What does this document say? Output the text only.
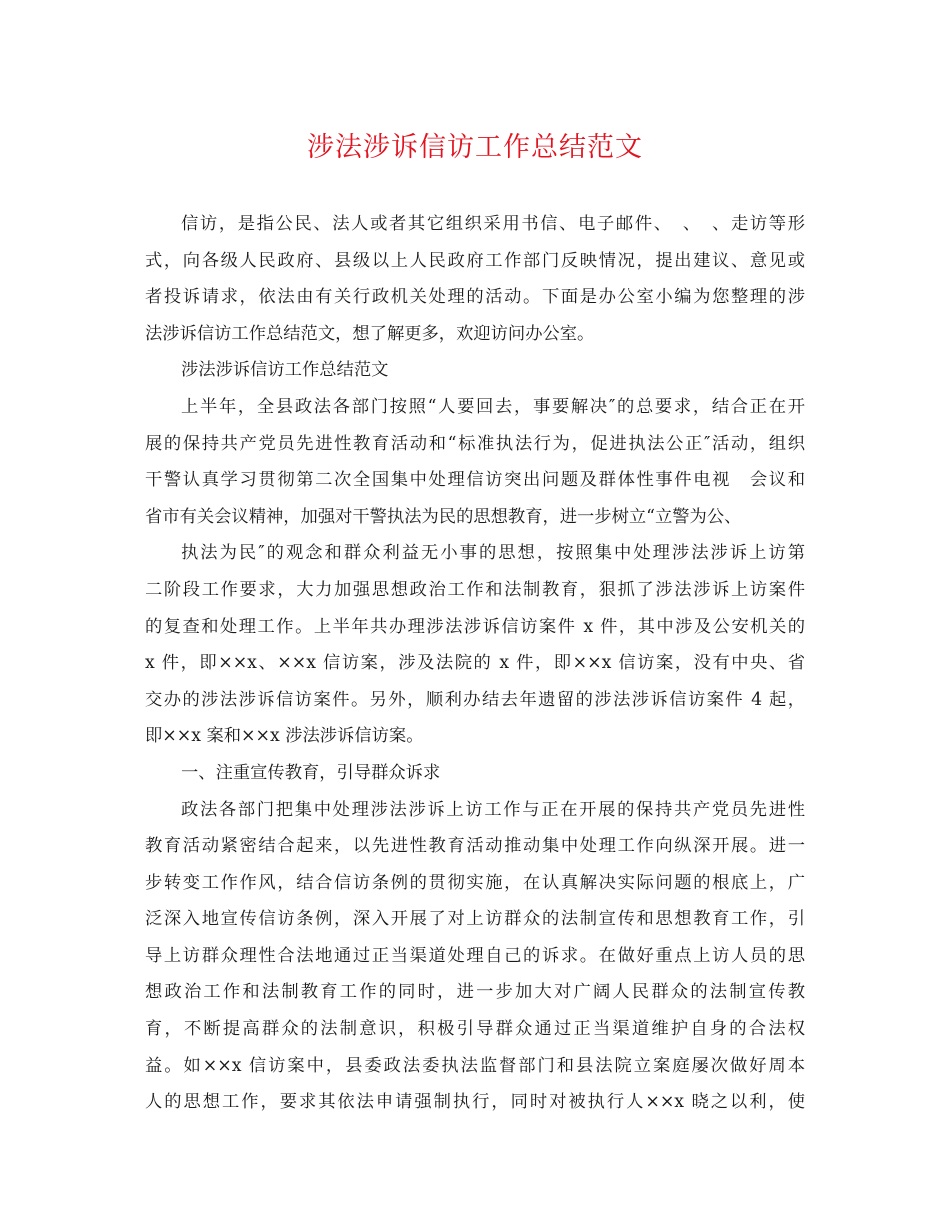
涉法涉诉信访工作总结范文
信访，是指公民、法人或者其它组织采用书信、电子邮件、　、　、走访等形
式，向各级人民政府、县级以上人民政府工作部门反映情况，提出建议、意见或
者投诉请求，依法由有关行政机关处理的活动。下面是办公室小编为您整理的涉
法涉诉信访工作总结范文，想了解更多，欢迎访问办公室。
涉法涉诉信访工作总结范文
上半年，全县政法各部门按照“人要回去，事要解决″的总要求，结合正在开
展的保持共产党员先进性教育活动和“标准执法行为，促进执法公正″活动，组织
干警认真学习贯彻第二次全国集中处理信访突出问题及群体性事件电视　会议和
省市有关会议精神，加强对干警执法为民的思想教育，进一步树立“立警为公、
执法为民″的观念和群众利益无小事的思想，按照集中处理涉法涉诉上访第
二阶段工作要求，大力加强思想政治工作和法制教育，狠抓了涉法涉诉上访案件
的复查和处理工作。上半年共办理涉法涉诉信访案件 x 件，其中涉及公安机关的
x 件，即××x、××x 信访案，涉及法院的 x 件，即××x 信访案，没有中央、省
交办的涉法涉诉信访案件。另外，顺利办结去年遗留的涉法涉诉信访案件 4 起，
即××x 案和××x 涉法涉诉信访案。
一、注重宣传教育，引导群众诉求
政法各部门把集中处理涉法涉诉上访工作与正在开展的保持共产党员先进性
教育活动紧密结合起来，以先进性教育活动推动集中处理工作向纵深开展。进一
步转变工作作风，结合信访条例的贯彻实施，在认真解决实际问题的根底上，广
泛深入地宣传信访条例，深入开展了对上访群众的法制宣传和思想教育工作，引
导上访群众理性合法地通过正当渠道处理自己的诉求。在做好重点上访人员的思
想政治工作和法制教育工作的同时，进一步加大对广阔人民群众的法制宣传教
育，不断提高群众的法制意识，积极引导群众通过正当渠道维护自身的合法权
益。如××x 信访案中，县委政法委执法监督部门和县法院立案庭屡次做好周本
人的思想工作，要求其依法申请强制执行，同时对被执行人××x 晓之以利，使
